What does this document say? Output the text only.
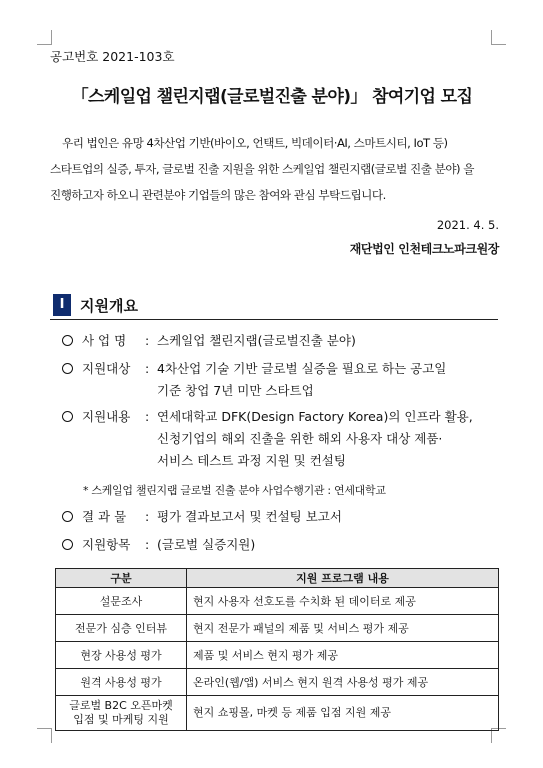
공고번호 2021-103호
「스케일업 챌린지랩(글로벌진출 분야)」 참여기업 모집
우리 법인은 유망 4차산업 기반(바이오, 언택트, 빅데이터·AI, 스마트시티, IoT 등)
스타트업의 실증, 투자, 글로벌 진출 지원을 위한 스케일업 챌린지랩(글로벌 진출 분야) 을
진행하고자 하오니 관련분야 기업들의 많은 참여와 관심 부탁드립니다.
2021. 4. 5.
재단법인 인천테크노파크원장
I	지원개요
사 업 명 : 스케일업 챌린지랩(글로벌진출 분야)
지원대상 : 4차산업 기술 기반 글로벌 실증을 필요로 하는 공고일
기준 창업 7년 미만 스타트업
지원내용 : 연세대학교 DFK(Design Factory Korea)의 인프라 활용,
신청기업의 해외 진출을 위한 해외 사용자 대상 제품·
서비스 테스트 과정 지원 및 컨설팅
* 스케일업 챌린지랩 글로벌 진출 분야 사업수행기관 : 연세대학교
결 과 물 : 평가 결과보고서 및 컨설팅 보고서
지원항목 : (글로벌 실증지원)
구분	지원 프로그램 내용
설문조사	현지 사용자 선호도를 수치화 된 데이터로 제공
전문가 심층 인터뷰	현지 전문가 패널의 제품 및 서비스 평가 제공
현장 사용성 평가	제품 및 서비스 현지 평가 제공
원격 사용성 평가	온라인(웹/앱) 서비스 현지 원격 사용성 평가 제공
글로벌 B2C 오픈마켓
입점 및 마케팅 지원	현지 쇼핑몰, 마켓 등 제품 입점 지원 제공
